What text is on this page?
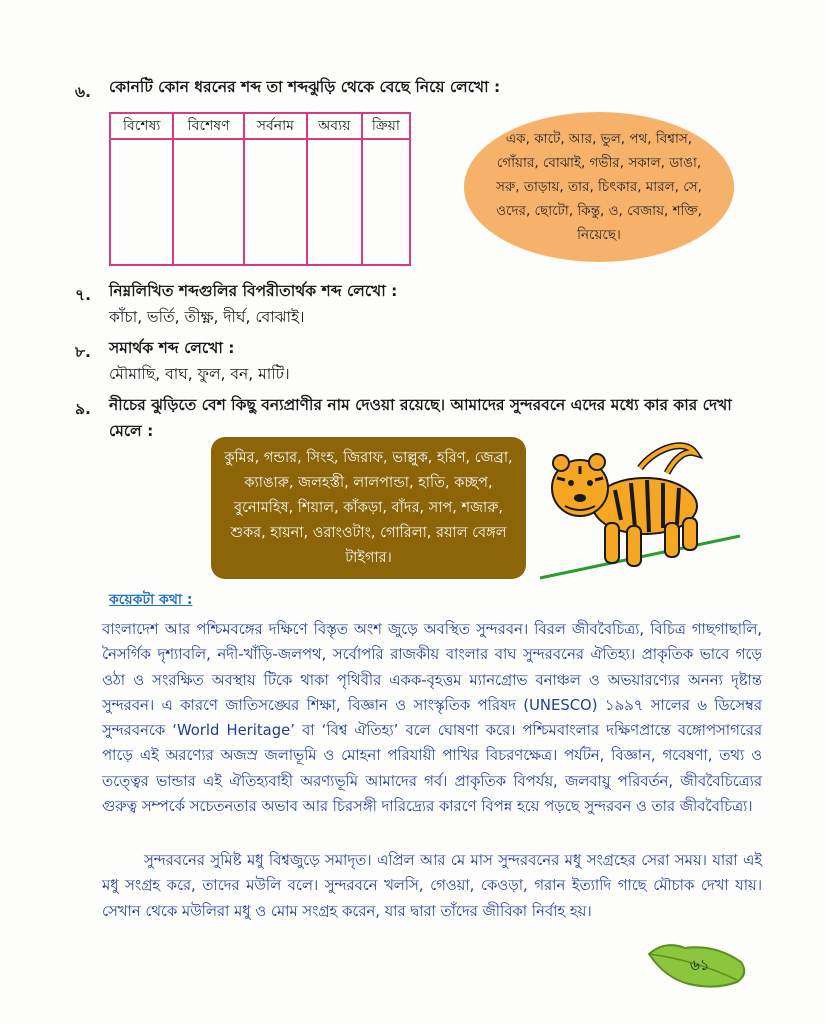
৬. কোনটি কোন ধরনের শব্দ তা শব্দঝুড়ি থেকে বেছে নিয়ে লেখো :
বিশেষ্য	বিশেষণ	সর্বনাম	অব্যয়	ক্রিয়া

এক, কাটে, আর, ভুল, পথ, বিশ্বাস, গোঁয়ার, বোঝাই, গভীর, সকাল, ডাঙা, সরু, তাড়ায়, তার, চিৎকার, মারল, সে, ওদের, ছোটো, কিন্তু, ও, বেজায়, শক্তি, নিয়েছে।
৭. নিম্নলিখিত শব্দগুলির বিপরীতার্থক শব্দ লেখো :
কাঁচা, ভর্তি, তীক্ষ্ণ, দীর্ঘ, বোঝাই।
৮. সমার্থক শব্দ লেখো :
মৌমাছি, বাঘ, ফুল, বন, মাটি।
৯. নীচের ঝুড়িতে বেশ কিছু বন্যপ্রাণীর নাম দেওয়া রয়েছে। আমাদের সুন্দরবনে এদের মধ্যে কার কার দেখা মেলে :
কুমির, গন্ডার, সিংহ, জিরাফ, ভাল্লুক, হরিণ, জেব্রা, ক্যাঙারু, জলহস্তী, লালপান্ডা, হাতি, কচ্ছপ, বুনোমহিষ, শিয়াল, কাঁকড়া, বাঁদর, সাপ, শজারু, শুকর, হায়না, ওরাংওটাং, গোরিলা, রয়াল বেঙ্গল টাইগার।
কয়েকটা কথা :
বাংলাদেশ আর পশ্চিমবঙ্গের দক্ষিণে বিস্তৃত অংশ জুড়ে অবস্থিত সুন্দরবন। বিরল জীববৈচিত্র্য, বিচিত্র গাছগাছালি, নৈসর্গিক দৃশ্যাবলি, নদী-খাঁড়ি-জলপথ, সর্বোপরি রাজকীয় বাংলার বাঘ সুন্দরবনের ঐতিহ্য। প্রাকৃতিক ভাবে গড়ে ওঠা ও সংরক্ষিত অবস্থায় টিকে থাকা পৃথিবীর একক-বৃহত্তম ম্যানগ্রোভ বনাঞ্চল ও অভয়ারণ্যের অনন্য দৃষ্টান্ত সুন্দরবন। এ কারণে জাতিসঙ্ঘের শিক্ষা, বিজ্ঞান ও সাংস্কৃতিক পরিষদ (UNESCO) ১৯৯৭ সালের ৬ ডিসেম্বর সুন্দরবনকে ‘World Heritage’ বা ‘বিশ্ব ঐতিহ্য’ বলে ঘোষণা করে। পশ্চিমবাংলার দক্ষিণপ্রান্তে বঙ্গোপসাগরের পাড়ে এই অরণ্যের অজস্র জলাভূমি ও মোহনা পরিযায়ী পাখির বিচরণক্ষেত্র। পর্যটন, বিজ্ঞান, গবেষণা, তথ্য ও তত্ত্বের ভান্ডার এই ঐতিহ্যবাহী অরণ্যভূমি আমাদের গর্ব। প্রাকৃতিক বিপর্যয়, জলবায়ু পরিবর্তন, জীববৈচিত্র্যের গুরুত্ব সম্পর্কে সচেতনতার অভাব আর চিরসঙ্গী দারিদ্র্যের কারণে বিপন্ন হয়ে পড়ছে সুন্দরবন ও তার জীববৈচিত্র্য।
সুন্দরবনের সুমিষ্ট মধু বিশ্বজুড়ে সমাদৃত। এপ্রিল আর মে মাস সুন্দরবনের মধু সংগ্রহের সেরা সময়। যারা এই মধু সংগ্রহ করে, তাদের মউলি বলে। সুন্দরবনে খলসি, গেওয়া, কেওড়া, গরান ইত্যাদি গাছে মৌচাক দেখা যায়। সেখান থেকে মউলিরা মধু ও মোম সংগ্রহ করেন, যার দ্বারা তাঁদের জীবিকা নির্বাহ হয়।
৬১
